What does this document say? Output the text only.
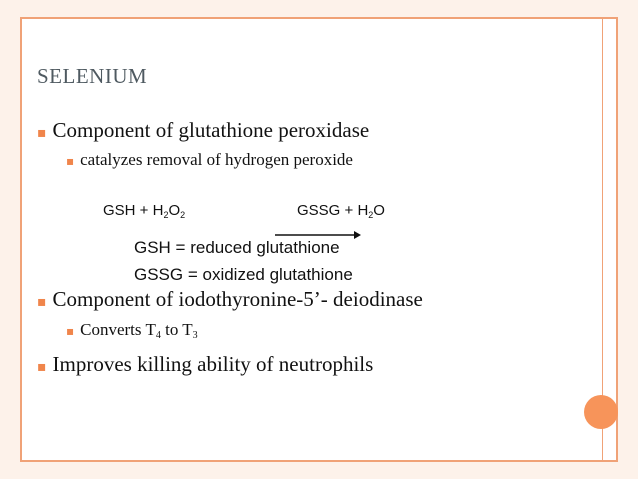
SELENIUM
▪​ Component of glutathione peroxidase
▪ catalyzes removal of hydrogen peroxide
GSH + $H_2O_2$	GSSG + $H_2O$
GSH = reduced glutathione
GSSG = oxidized glutathione
▪ Component of iodothyronine-5’- deiodinase
▪ Converts $T_4$ to $T_3$
▪ Improves killing ability of neutrophils
